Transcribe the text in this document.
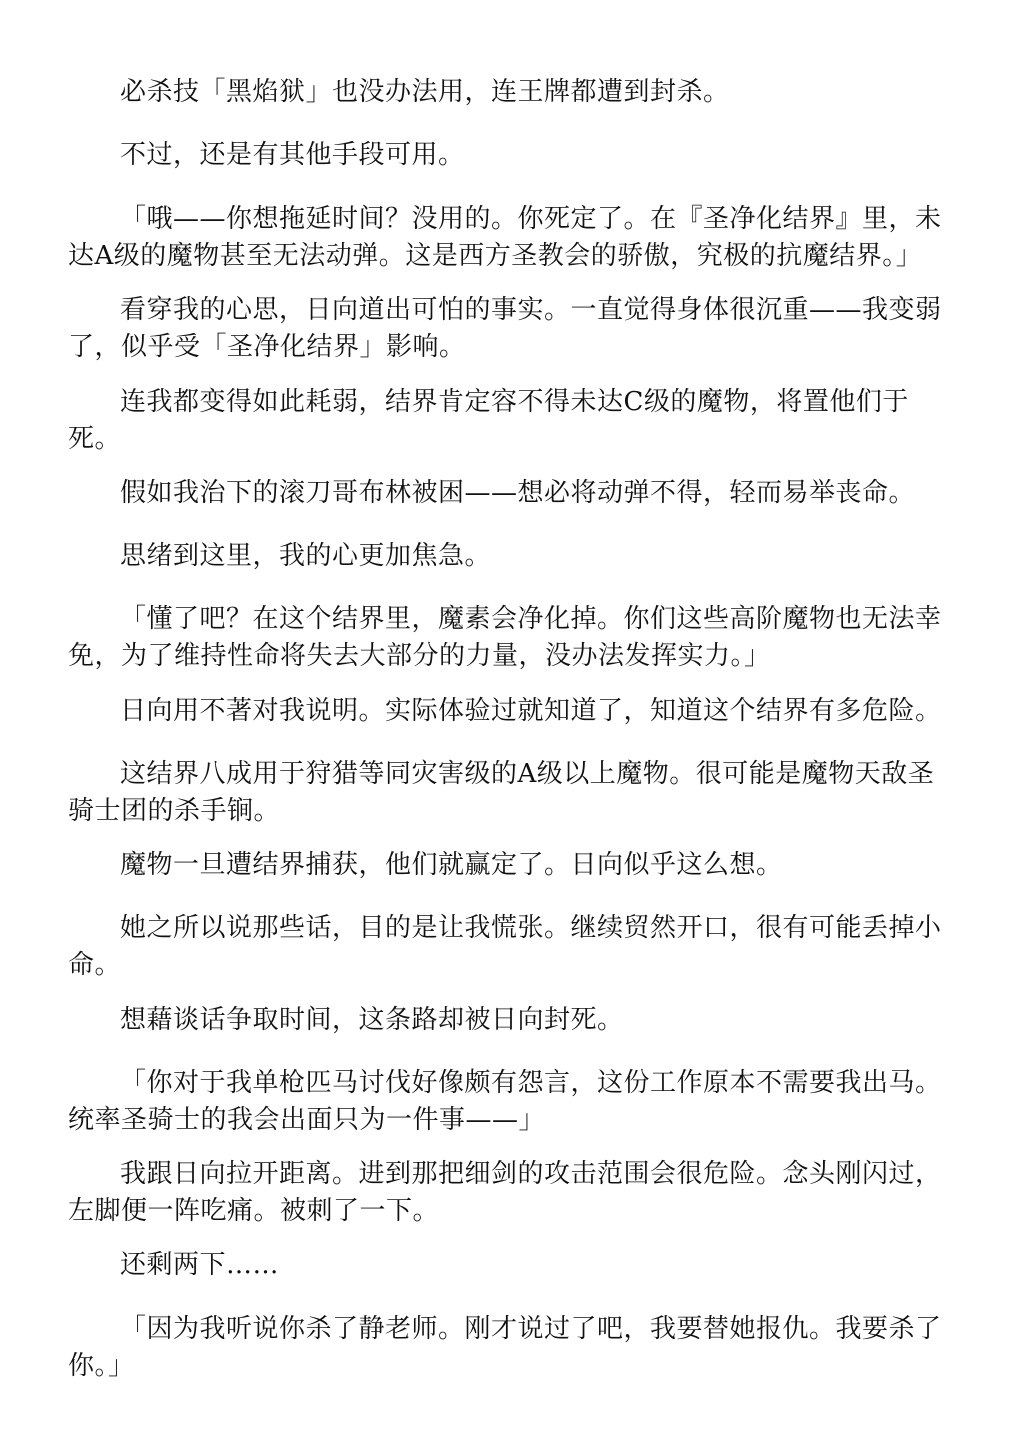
必杀技「黑焰狱」也没办法用，连王牌都遭到封杀。

不过，还是有其他手段可用。

「哦——你想拖延时间？没用的。你死定了。在『圣净化结界』里，未达A级的魔物甚至无法动弹。这是西方圣教会的骄傲，究极的抗魔结界。」

看穿我的心思，日向道出可怕的事实。一直觉得身体很沉重——我变弱了，似乎受「圣净化结界」影响。

连我都变得如此耗弱，结界肯定容不得未达C级的魔物，将置他们于死。

假如我治下的滚刀哥布林被困——想必将动弹不得，轻而易举丧命。

思绪到这里，我的心更加焦急。

「懂了吧？在这个结界里，魔素会净化掉。你们这些高阶魔物也无法幸免，为了维持性命将失去大部分的力量，没办法发挥实力。」

日向用不著对我说明。实际体验过就知道了，知道这个结界有多危险。

这结界八成用于狩猎等同灾害级的A级以上魔物。很可能是魔物天敌圣骑士团的杀手锏。

魔物一旦遭结界捕获，他们就赢定了。日向似乎这么想。

她之所以说那些话，目的是让我慌张。继续贸然开口，很有可能丢掉小命。

想藉谈话争取时间，这条路却被日向封死。

「你对于我单枪匹马讨伐好像颇有怨言，这份工作原本不需要我出马。统率圣骑士的我会出面只为一件事——」

我跟日向拉开距离。进到那把细剑的攻击范围会很危险。念头刚闪过，左脚便一阵吃痛。被刺了一下。

还剩两下……

「因为我听说你杀了静老师。刚才说过了吧，我要替她报仇。我要杀了你。」
